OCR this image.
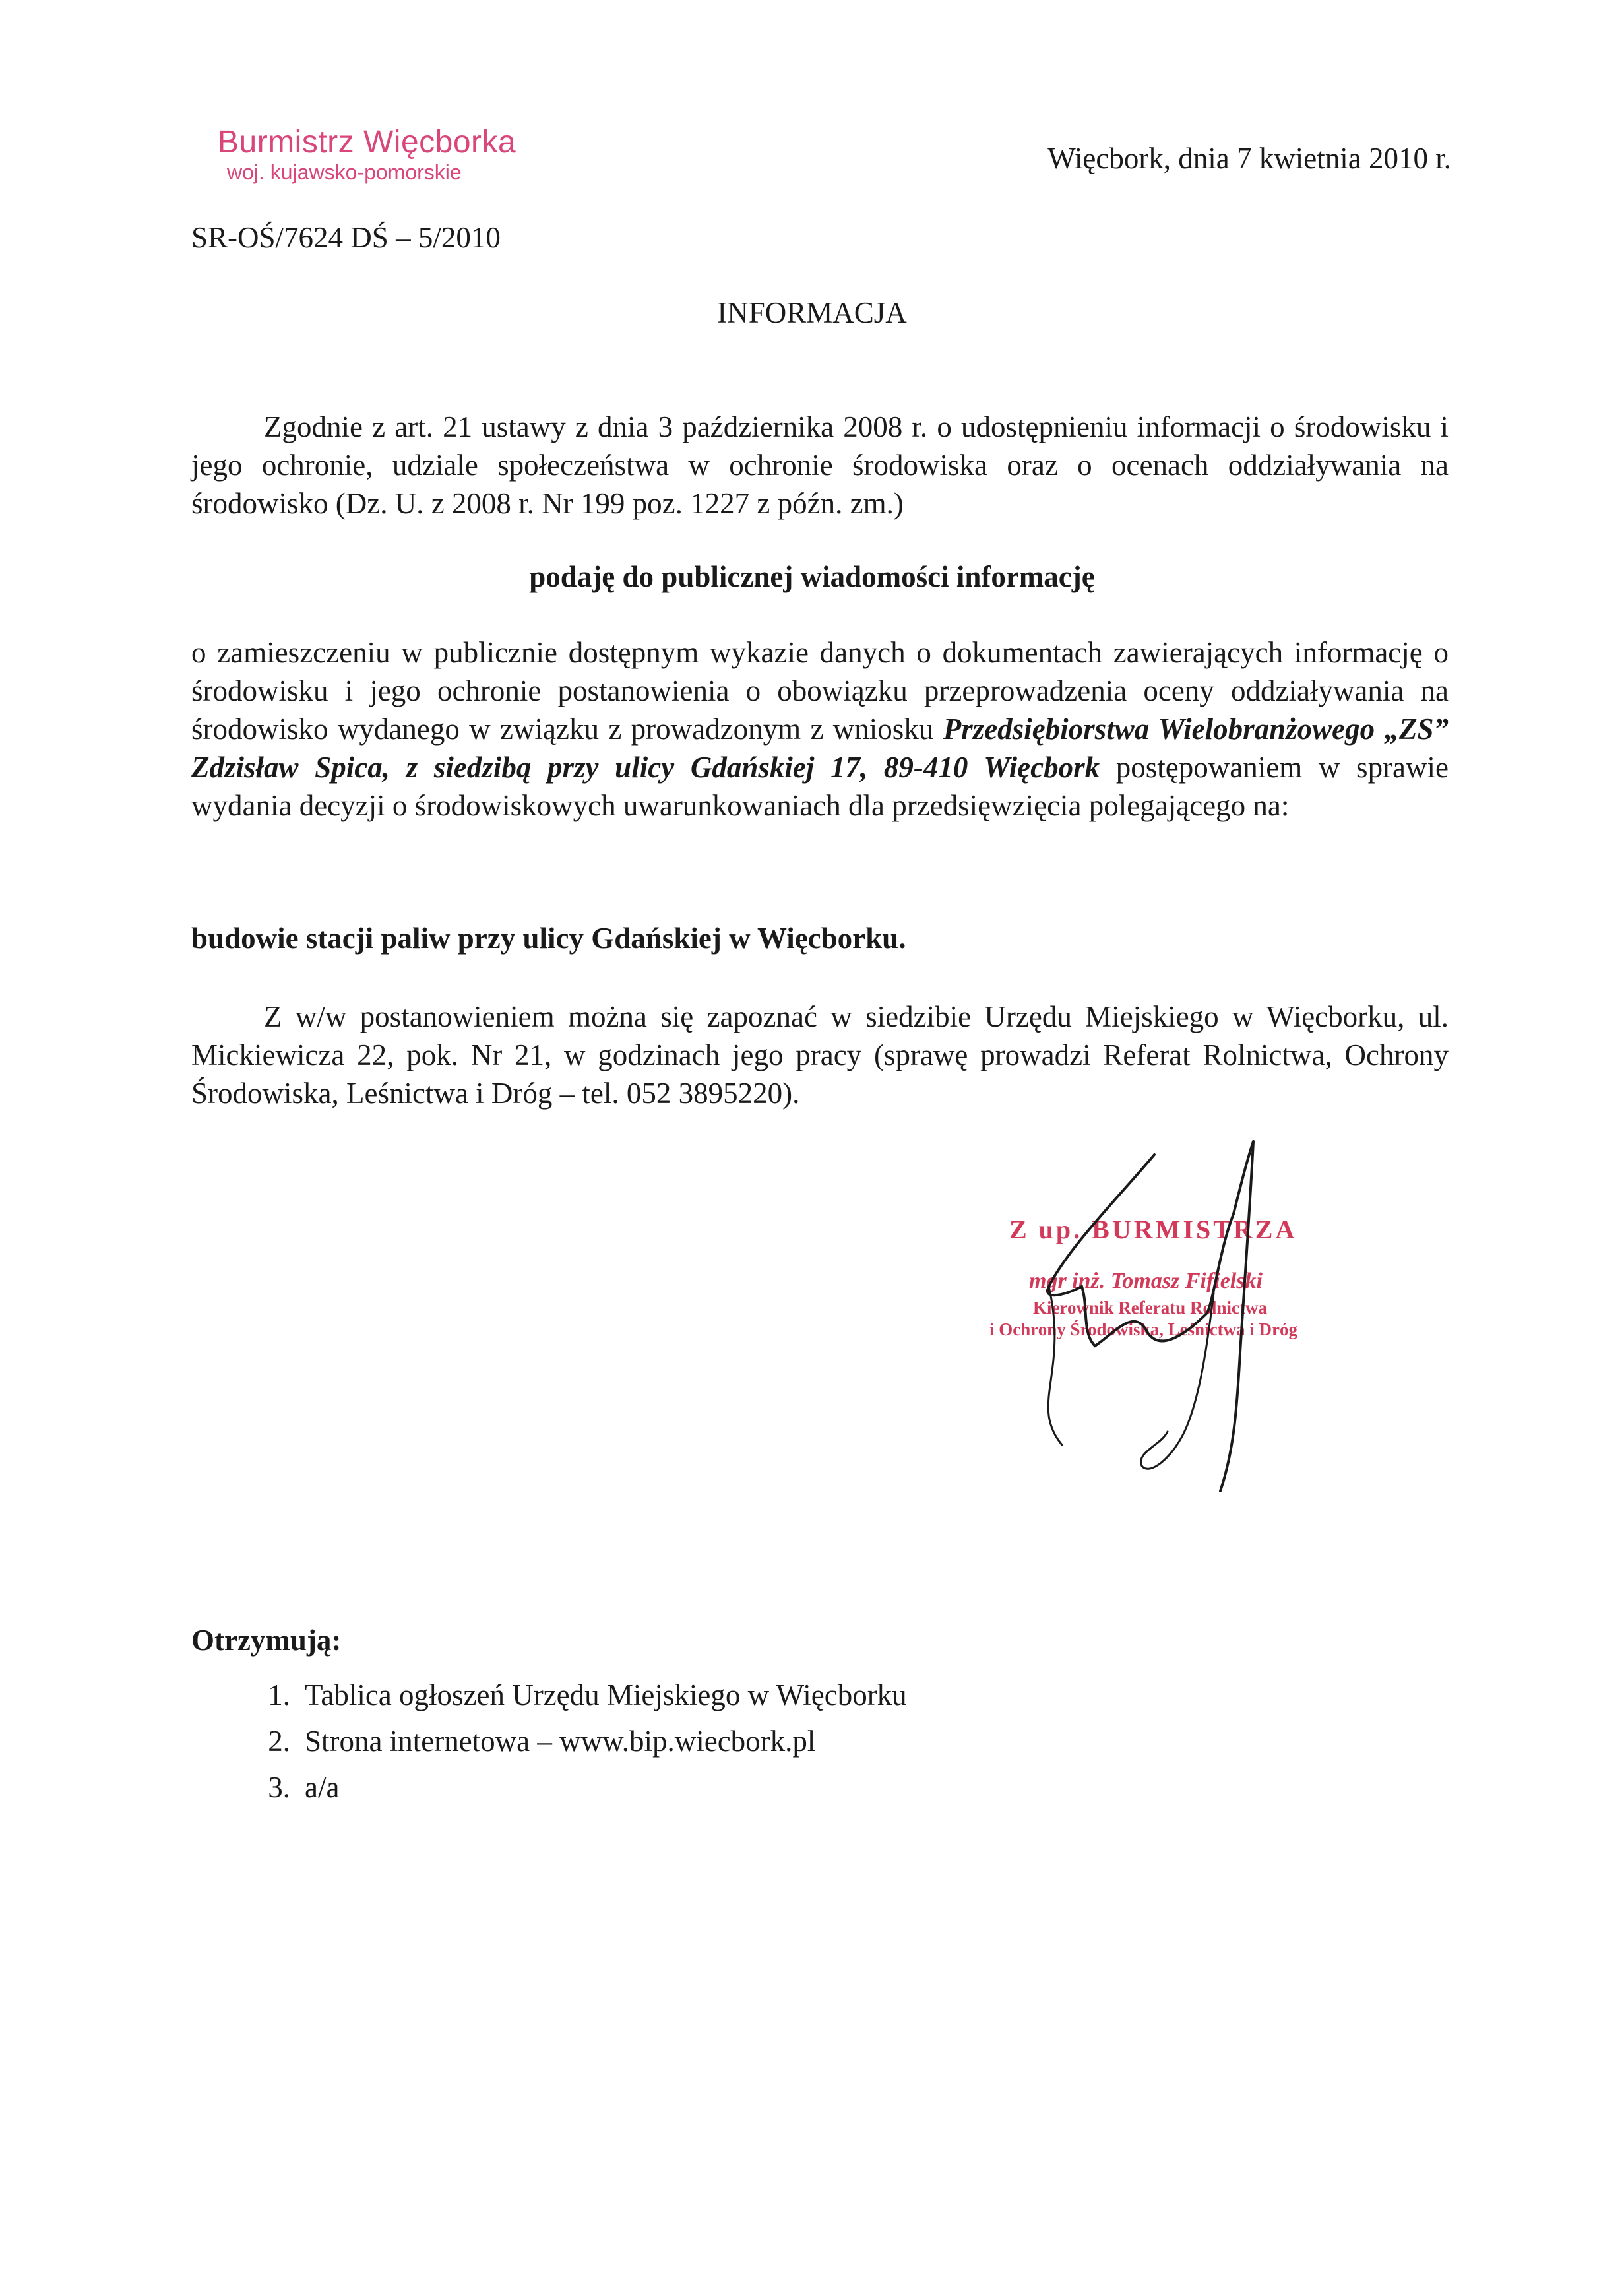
Burmistrz Więcborka
woj. kujawsko-pomorskie	Więcbork, dnia 7 kwietnia 2010 r.
SR-OŚ/7624 DŚ – 5/2010
INFORMACJA
Zgodnie z art. 21 ustawy z dnia 3 października 2008 r. o udostępnieniu informacji o środowisku i jego ochronie, udziale społeczeństwa w ochronie środowiska oraz o ocenach oddziaływania na środowisko (Dz. U. z 2008 r. Nr 199 poz. 1227 z późn. zm.)
podaję do publicznej wiadomości informację
o zamieszczeniu w publicznie dostępnym wykazie danych o dokumentach zawierających informację o środowisku i jego ochronie postanowienia o obowiązku przeprowadzenia oceny oddziaływania na środowisko wydanego w związku z prowadzonym z wniosku Przedsiębiorstwa Wielobranżowego „ZS” Zdzisław Spica, z siedzibą przy ulicy Gdańskiej 17, 89-410 Więcbork postępowaniem w sprawie wydania decyzji o środowiskowych uwarunkowaniach dla przedsięwzięcia polegającego na:
budowie stacji paliw przy ulicy Gdańskiej w Więcborku.
Z w/w postanowieniem można się zapoznać w siedzibie Urzędu Miejskiego w Więcborku, ul. Mickiewicza 22, pok. Nr 21, w godzinach jego pracy (sprawę prowadzi Referat Rolnictwa, Ochrony Środowiska, Leśnictwa i Dróg – tel. 052 3895220).
Z up. BURMISTRZA
mgr inż. Tomasz Fifielski
Kierownik Referatu Rolnictwa
i Ochrony Środowiska, Leśnictwa i Dróg
Otrzymują:
1. Tablica ogłoszeń Urzędu Miejskiego w Więcborku
2. Strona internetowa – www.bip.wiecbork.pl
3. a/a
